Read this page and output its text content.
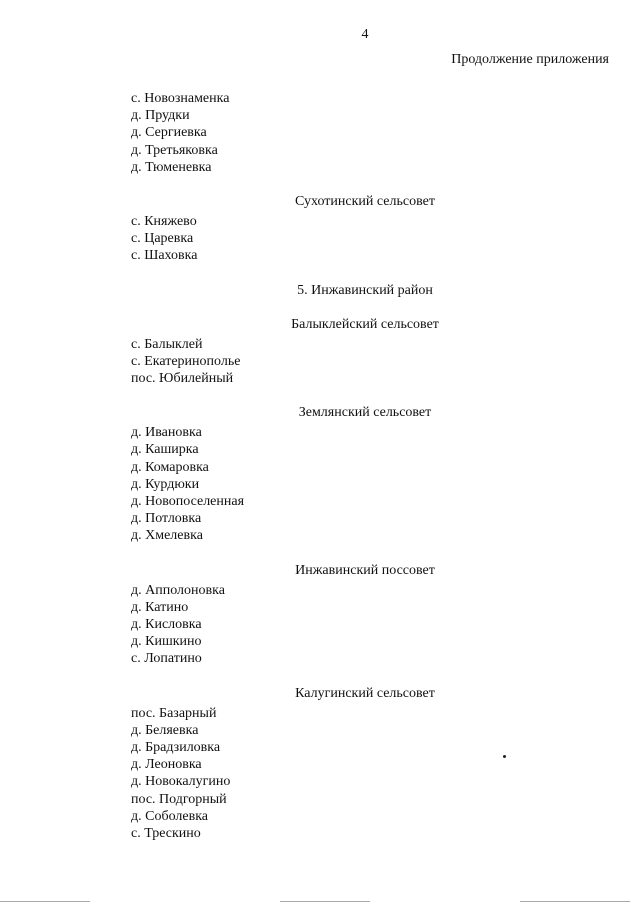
4
Продолжение приложения
с. Новознаменка
д. Прудки
д. Сергиевка
д. Третьяковка
д. Тюменевка
Сухотинский сельсовет
с. Княжево
с. Царевка
с. Шаховка
5. Инжавинский район
Балыклейский сельсовет
с. Балыклей
с. Екатеринополье
пос. Юбилейный
Землянский сельсовет
д. Ивановка
д. Каширка
д. Комаровка
д. Курдюки
д. Новопоселенная
д. Потловка
д. Хмелевка
Инжавинский поссовет
д. Апполоновка
д. Катино
д. Кисловка
д. Кишкино
с. Лопатино
Калугинский сельсовет
пос. Базарный
д. Беляевка
д. Брадзиловка
д. Леоновка
д. Новокалугино
пос. Подгорный
д. Соболевка
с. Трескино
